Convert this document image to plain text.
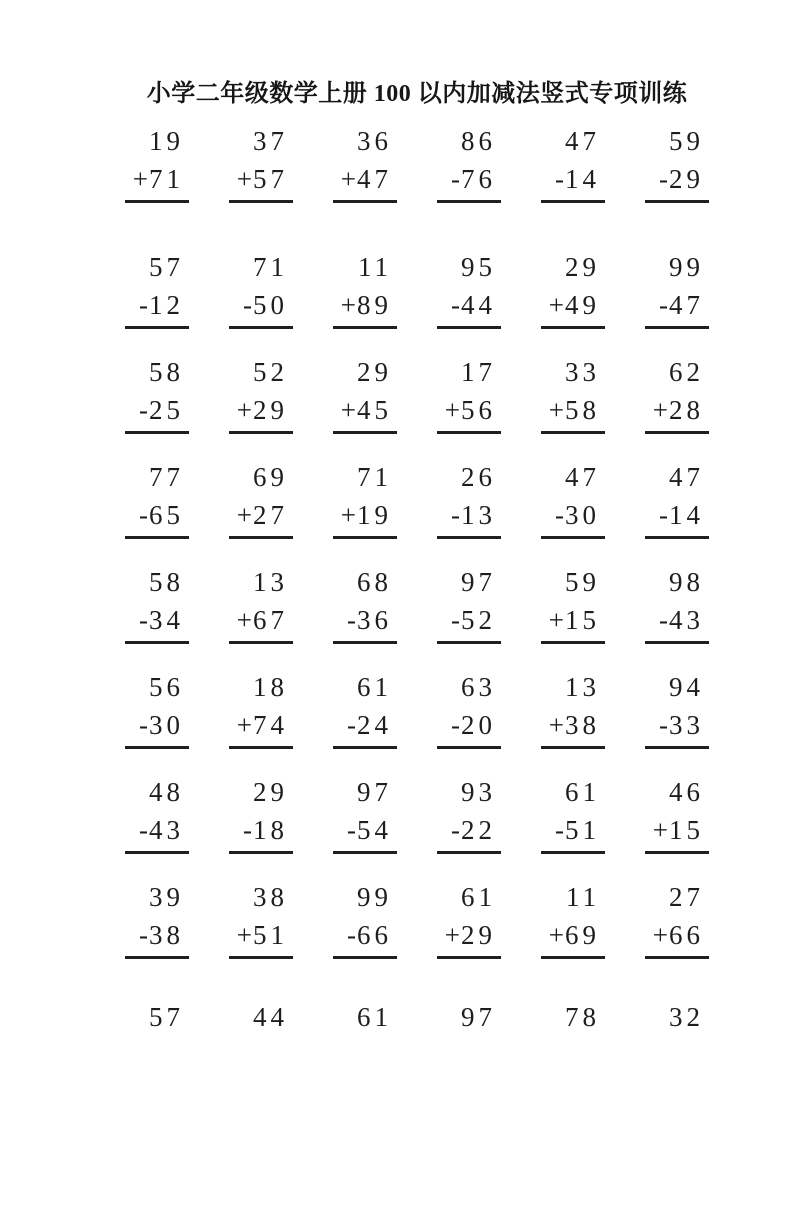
小学二年级数学上册 100 以内加减法竖式专项训练
19
+71
37
+57
36
+47
86
-76
47
-14
59
-29
57
-12
71
-50
11
+89
95
-44
29
+49
99
-47
58
-25
52
+29
29
+45
17
+56
33
+58
62
+28
77
-65
69
+27
71
+19
26
-13
47
-30
47
-14
58
-34
13
+67
68
-36
97
-52
59
+15
98
-43
56
-30
18
+74
61
-24
63
-20
13
+38
94
-33
48
-43
29
-18
97
-54
93
-22
61
-51
46
+15
39
-38
38
+51
99
-66
61
+29
11
+69
27
+66
57	44	61	97	78	32
